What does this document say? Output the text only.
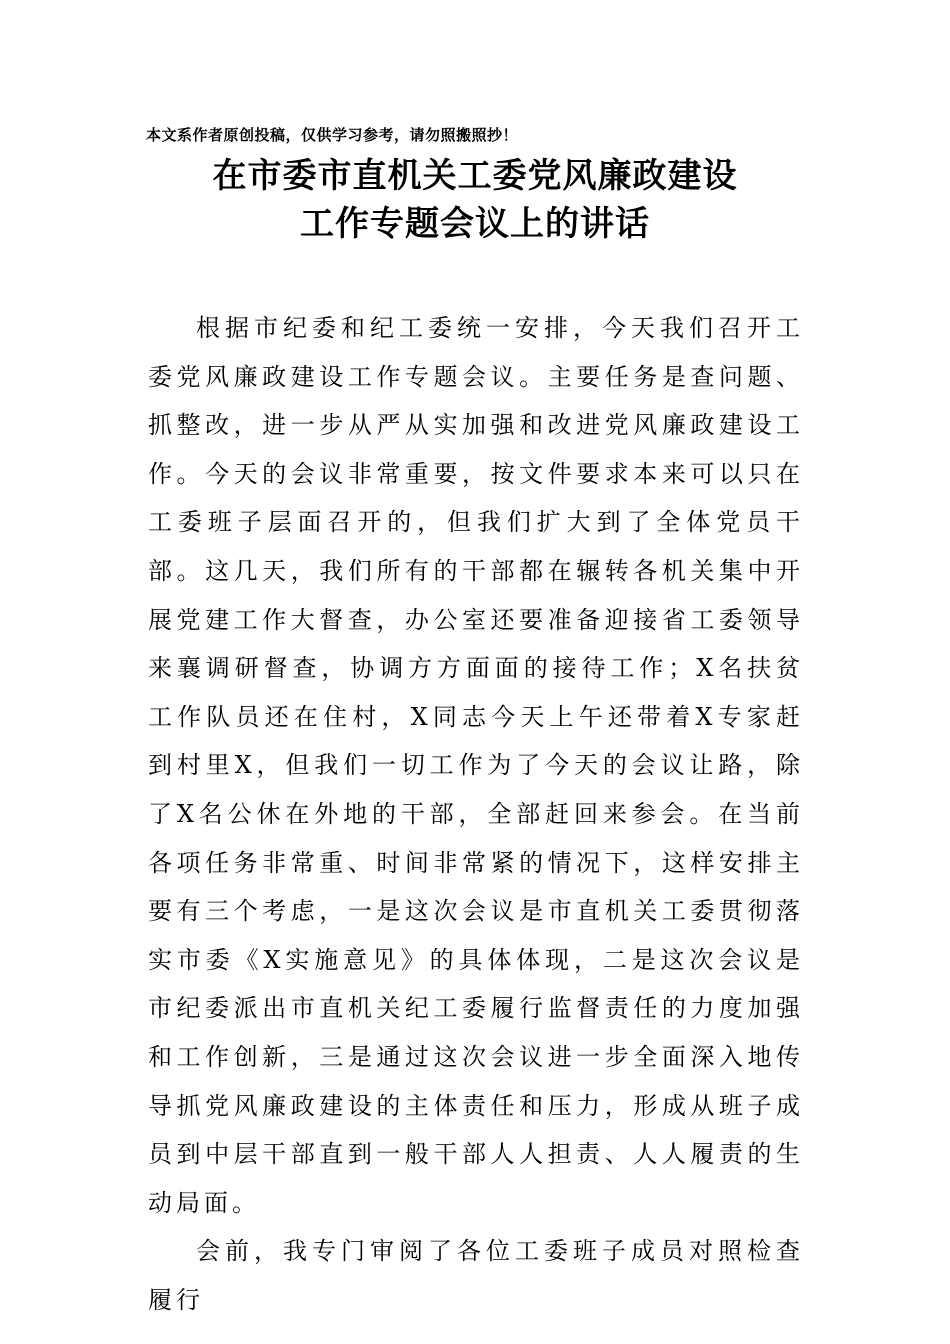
本文系作者原创投稿，仅供学习参考，请勿照搬照抄！
在市委市直机关工委党风廉政建设
工作专题会议上的讲话

根据市纪委和纪工委统一安排，今天我们召开工委党风廉政建设工作专题会议。主要任务是查问题、抓整改，进一步从严从实加强和改进党风廉政建设工作。今天的会议非常重要，按文件要求本来可以只在工委班子层面召开的，但我们扩大到了全体党员干部。这几天，我们所有的干部都在辗转各机关集中开展党建工作大督查，办公室还要准备迎接省工委领导来襄调研督查，协调方方面面的接待工作；X名扶贫工作队员还在住村，X同志今天上午还带着X专家赶到村里X，但我们一切工作为了今天的会议让路，除了X名公休在外地的干部，全部赶回来参会。在当前各项任务非常重、时间非常紧的情况下，这样安排主要有三个考虑，一是这次会议是市直机关工委贯彻落实市委《X实施意见》的具体体现，二是这次会议是市纪委派出市直机关纪工委履行监督责任的力度加强和工作创新，三是通过这次会议进一步全面深入地传导抓党风廉政建设的主体责任和压力，形成从班子成员到中层干部直到一般干部人人担责、人人履责的生动局面。

会前，我专门审阅了各位工委班子成员对照检查履行
